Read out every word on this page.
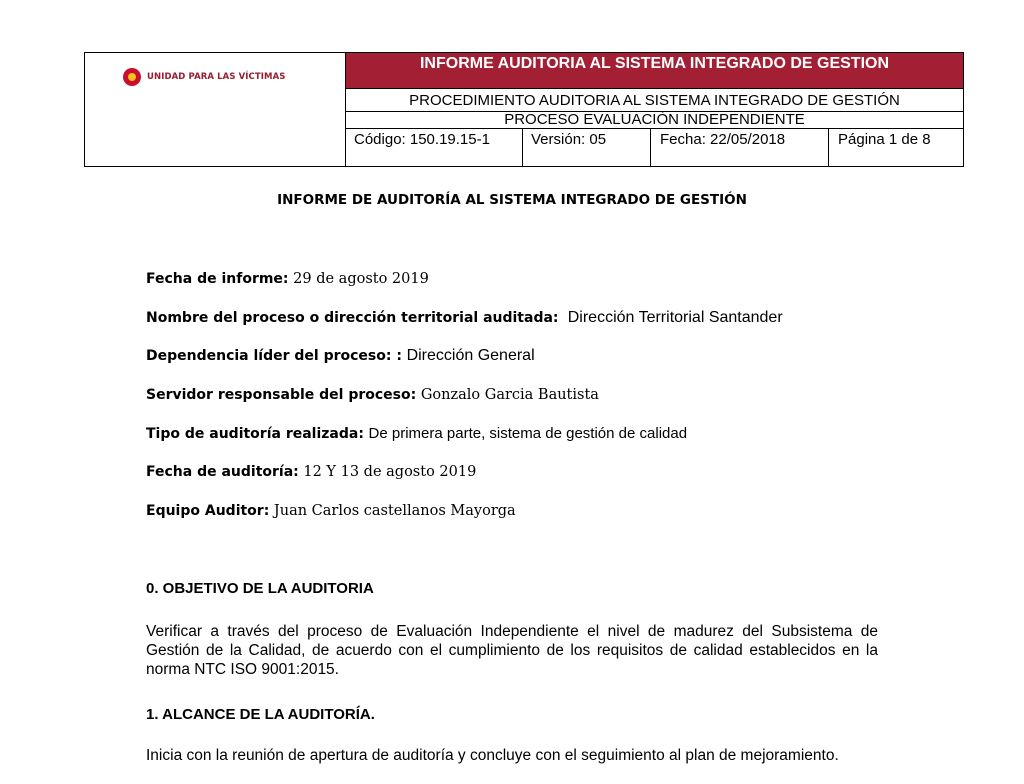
UNIDAD PARA LAS VÍCTIMAS
INFORME AUDITORIA AL SISTEMA INTEGRADO DE GESTION
PROCEDIMIENTO AUDITORIA AL SISTEMA INTEGRADO DE GESTIÓN
PROCESO EVALUACIÒN INDEPENDIENTE
Código: 150.19.15-1	Versión: 05	Fecha: 22/05/2018	Página 1 de 8
INFORME DE AUDITORÍA AL SISTEMA INTEGRADO DE GESTIÓN
Fecha de informe: 29 de agosto 2019
Nombre del proceso o dirección territorial auditada: Dirección Territorial Santander
Dependencia líder del proceso: : Dirección General
Servidor responsable del proceso: Gonzalo Garcia Bautista
Tipo de auditoría realizada: De primera parte, sistema de gestión de calidad
Fecha de auditoría: 12 Y 13 de agosto 2019
Equipo Auditor: Juan Carlos castellanos Mayorga
0. OBJETIVO DE LA AUDITORIA
Verificar a través del proceso de Evaluación Independiente el nivel de madurez del Subsistema de Gestión de la Calidad, de acuerdo con el cumplimiento de los requisitos de calidad establecidos en la norma NTC ISO 9001:2015.
1. ALCANCE DE LA AUDITORÍA.
Inicia con la reunión de apertura de auditoría y concluye con el seguimiento al plan de mejoramiento.
